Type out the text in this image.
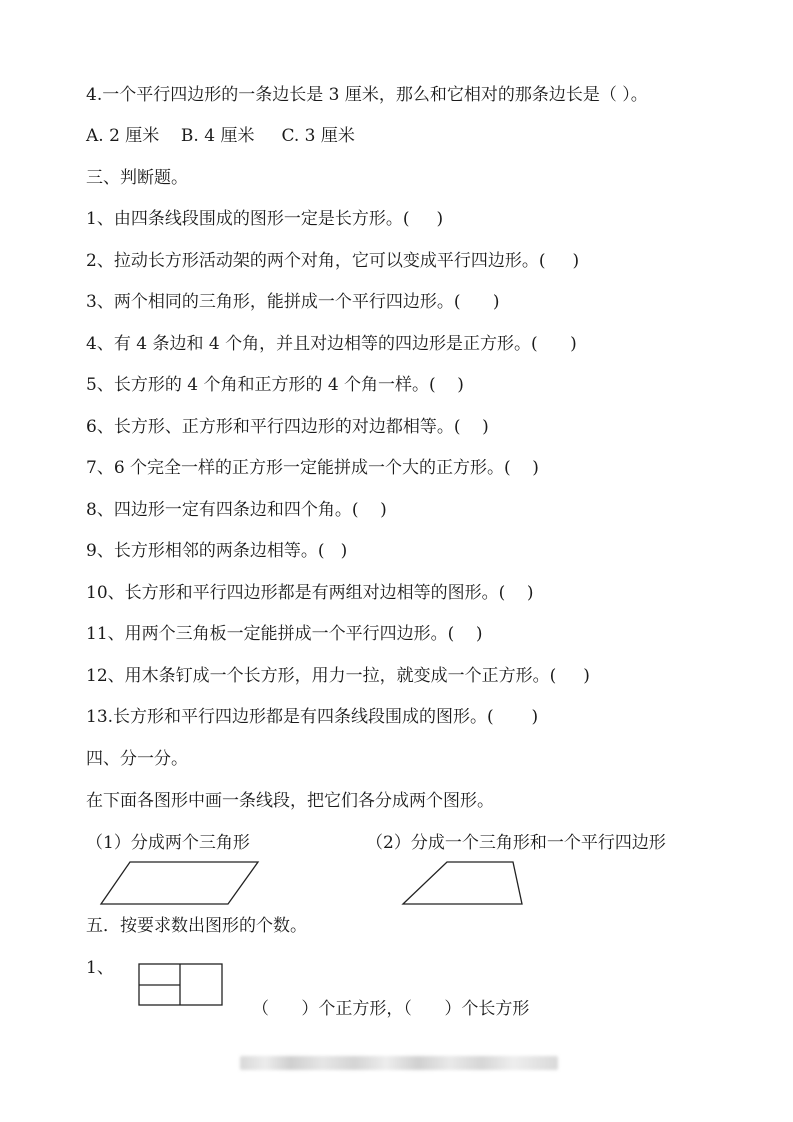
4.一个平行四边形的一条边长是 3 厘米，那么和它相对的那条边长是（ ）。
A. 2 厘米    B. 4 厘米     C. 3 厘米
三、判断题。
1、由四条线段围成的图形一定是长方形。(     )
2、拉动长方形活动架的两个对角，它可以变成平行四边形。(     )
3、两个相同的三角形，能拼成一个平行四边形。(      )
4、有 4 条边和 4 个角，并且对边相等的四边形是正方形。(      )
5、长方形的 4 个角和正方形的 4 个角一样。(    )
6、长方形、正方形和平行四边形的对边都相等。(    )
7、6 个完全一样的正方形一定能拼成一个大的正方形。(    )
8、四边形一定有四条边和四个角。(    )
9、长方形相邻的两条边相等。(   )
10、长方形和平行四边形都是有两组对边相等的图形。(    )
11、用两个三角板一定能拼成一个平行四边形。(    )
12、用木条钉成一个长方形，用力一拉，就变成一个正方形。(     )
13.长方形和平行四边形都是有四条线段围成的图形。(       )
四、分一分。
在下面各图形中画一条线段，把它们各分成两个图形。
（1）分成两个三角形	（2）分成一个三角形和一个平行四边形
五．按要求数出图形的个数。
1、
（      ）个正方形，（      ）个长方形
